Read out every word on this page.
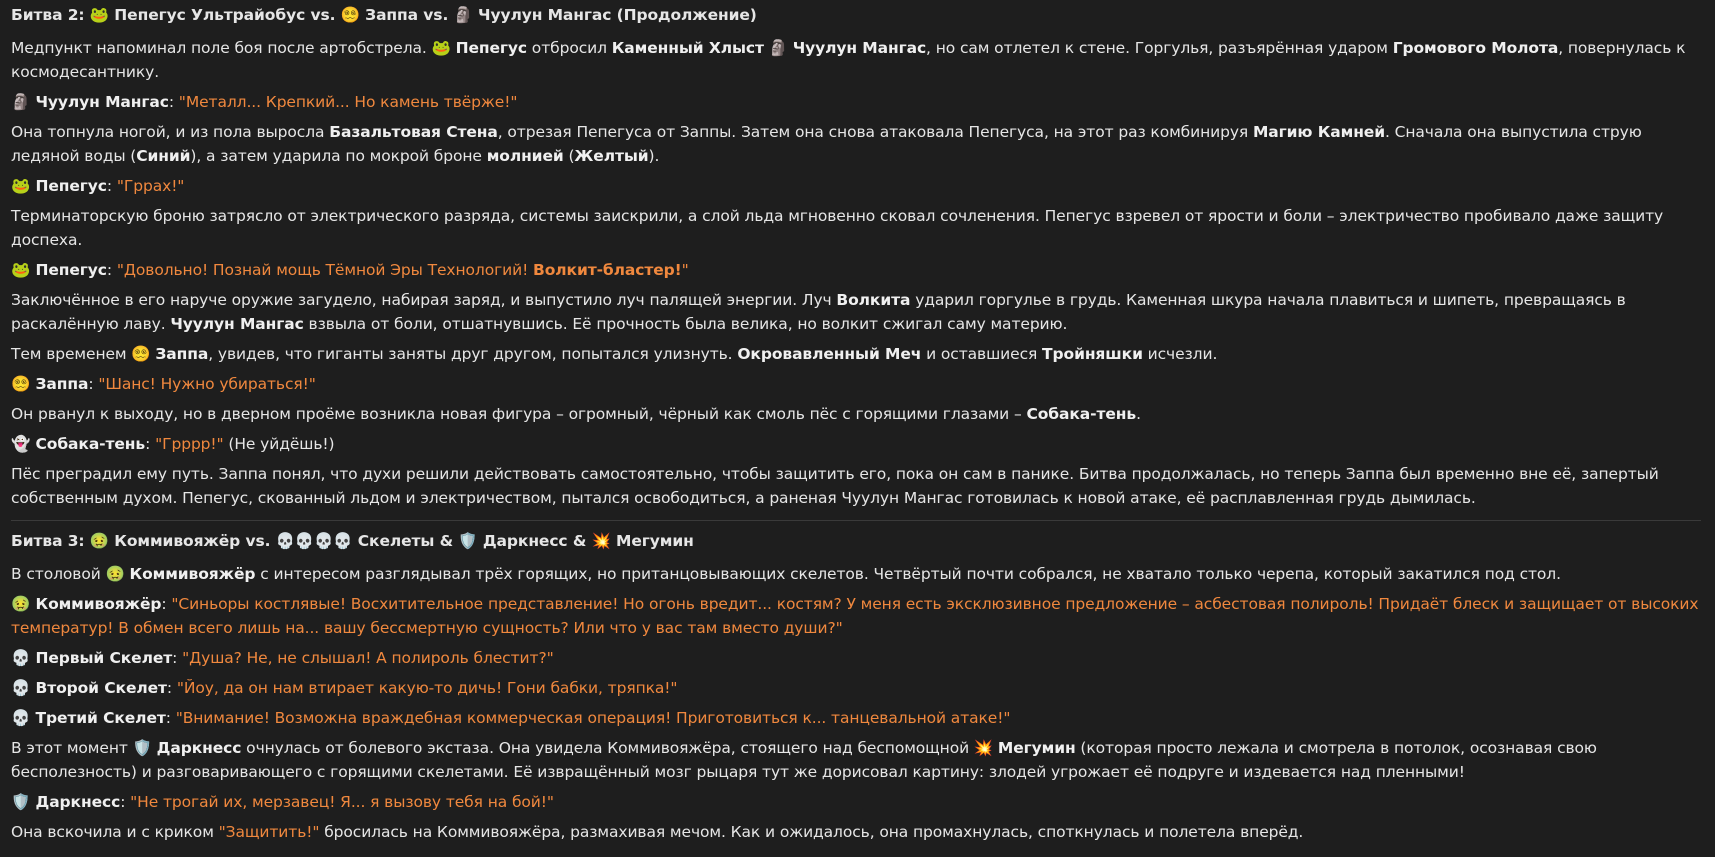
Битва 2: 🐸 Пепегус Ультрайобус vs. 😵‍💫 Заппа vs. 🗿 Чуулун Мангас (Продолжение)
Медпункт напоминал поле боя после артобстрела. 🐸 Пепегус отбросил Каменный Хлыст 🗿 Чуулун Мангас, но сам отлетел к стене. Горгулья, разъярённая ударом Громового Молота, повернулась к космодесантнику.
🗿 Чуулун Мангас: "Металл... Крепкий... Но камень твёрже!"
Она топнула ногой, и из пола выросла Базальтовая Стена, отрезая Пепегуса от Заппы. Затем она снова атаковала Пепегуса, на этот раз комбинируя Магию Камней. Сначала она выпустила струю ледяной воды (Синий), а затем ударила по мокрой броне молнией (Желтый).
🐸 Пепегус: "Гррах!"
Терминаторскую броню затрясло от электрического разряда, системы заискрили, а слой льда мгновенно сковал сочленения. Пепегус взревел от ярости и боли – электричество пробивало даже защиту доспеха.
🐸 Пепегус: "Довольно! Познай мощь Тёмной Эры Технологий! Волкит-бластер!"
Заключённое в его наруче оружие загудело, набирая заряд, и выпустило луч палящей энергии. Луч Волкита ударил горгулье в грудь. Каменная шкура начала плавиться и шипеть, превращаясь в раскалённую лаву. Чуулун Мангас взвыла от боли, отшатнувшись. Её прочность была велика, но волкит сжигал саму материю.
Тем временем 😵‍💫 Заппа, увидев, что гиганты заняты друг другом, попытался улизнуть. Окровавленный Меч и оставшиеся Тройняшки исчезли.
😵‍💫 Заппа: "Шанс! Нужно убираться!"
Он рванул к выходу, но в дверном проёме возникла новая фигура – огромный, чёрный как смоль пёс с горящими глазами – Собака-тень.
👻 Собака-тень: "Грррр!" (Не уйдёшь!)
Пёс преградил ему путь. Заппа понял, что духи решили действовать самостоятельно, чтобы защитить его, пока он сам в панике. Битва продолжалась, но теперь Заппа был временно вне её, запертый собственным духом. Пепегус, скованный льдом и электричеством, пытался освободиться, а раненая Чуулун Мангас готовилась к новой атаке, её расплавленная грудь дымилась.
Битва 3: 🤢 Коммивояжёр vs. 💀💀💀💀 Скелеты & 🛡️ Даркнесс & 💥 Мегумин
В столовой 🤢 Коммивояжёр с интересом разглядывал трёх горящих, но пританцовывающих скелетов. Четвёртый почти собрался, не хватало только черепа, который закатился под стол.
🤢 Коммивояжёр: "Синьоры костлявые! Восхитительное представление! Но огонь вредит... костям? У меня есть эксклюзивное предложение – асбестовая полироль! Придаёт блеск и защищает от высоких температур! В обмен всего лишь на... вашу бессмертную сущность? Или что у вас там вместо души?"
💀 Первый Скелет: "Душа? Не, не слышал! А полироль блестит?"
💀 Второй Скелет: "Йоу, да он нам втирает какую-то дичь! Гони бабки, тряпка!"
💀 Третий Скелет: "Внимание! Возможна враждебная коммерческая операция! Приготовиться к... танцевальной атаке!"
В этот момент 🛡️ Даркнесс очнулась от болевого экстаза. Она увидела Коммивояжёра, стоящего над беспомощной 💥 Мегумин (которая просто лежала и смотрела в потолок, осознавая свою бесполезность) и разговаривающего с горящими скелетами. Её извращённый мозг рыцаря тут же дорисовал картину: злодей угрожает её подруге и издевается над пленными!
🛡️ Даркнесс: "Не трогай их, мерзавец! Я... я вызову тебя на бой!"
Она вскочила и с криком "Защитить!" бросилась на Коммивояжёра, размахивая мечом. Как и ожидалось, она промахнулась, споткнулась и полетела вперёд.
